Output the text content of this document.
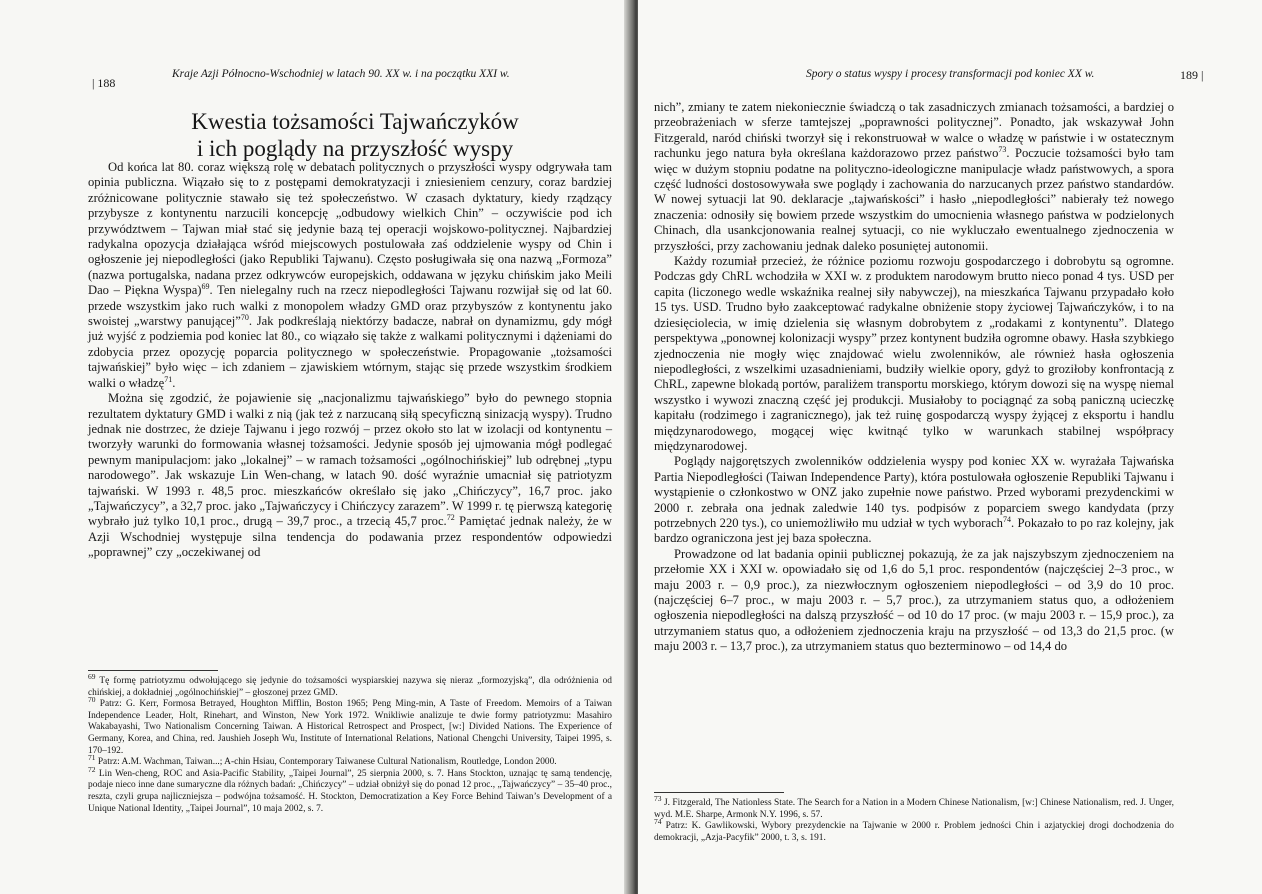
| 188
Kraje Azji Północno-Wschodniej w latach 90. XX w. i na początku XXI w.
Kwestia tożsamości Tajwańczyków
i ich poglądy na przyszłość wyspy

Od końca lat 80. coraz większą rolę w debatach politycznych o przyszłości wyspy odgrywała tam opinia publiczna. Wiązało się to z postępami demokratyzacji i zniesieniem cenzury, coraz bardziej zróżnicowane politycznie stawało się też społeczeństwo. W czasach dyktatury, kiedy rządzący przybysze z kontynentu narzucili koncepcję „odbudowy wielkich Chin” – oczywiście pod ich przywództwem – Tajwan miał stać się jedynie bazą tej operacji wojskowo-politycznej. Najbardziej radykalna opozycja działająca wśród miejscowych postulowała zaś oddzielenie wyspy od Chin i ogłoszenie jej niepodległości (jako Republiki Tajwanu). Często posługiwała się ona nazwą „Formoza” (nazwa portugalska, nadana przez odkrywców europejskich, oddawana w języku chińskim jako Meili Dao – Piękna Wyspa)$^{69}$. Ten nielegalny ruch na rzecz niepodległości Tajwanu rozwijał się od lat 60. przede wszystkim jako ruch walki z monopolem władzy GMD oraz przybyszów z kontynentu jako swoistej „warstwy panującej”$^{70}$. Jak podkreślają niektórzy badacze, nabrał on dynamizmu, gdy mógł już wyjść z podziemia pod koniec lat 80., co wiązało się także z walkami politycznymi i dążeniami do zdobycia przez opozycję poparcia politycznego w społeczeństwie. Propagowanie „tożsamości tajwańskiej” było więc – ich zdaniem – zjawiskiem wtórnym, stając się przede wszystkim środkiem walki o władzę$^{71}$.

Można się zgodzić, że pojawienie się „nacjonalizmu tajwańskiego” było do pewnego stopnia rezultatem dyktatury GMD i walki z nią (jak też z narzucaną siłą specyficzną sinizacją wyspy). Trudno jednak nie dostrzec, że dzieje Tajwanu i jego rozwój – przez około sto lat w izolacji od kontynentu – tworzyły warunki do formowania własnej tożsamości. Jedynie sposób jej ujmowania mógł podlegać pewnym manipulacjom: jako „lokalnej” – w ramach tożsamości „ogólnochińskiej” lub odrębnej „typu narodowego”. Jak wskazuje Lin Wen-chang, w latach 90. dość wyraźnie umacniał się patriotyzm tajwański. W 1993 r. 48,5 proc. mieszkańców określało się jako „Chińczycy”, 16,7 proc. jako „Tajwańczycy”, a 32,7 proc. jako „Tajwańczycy i Chińczycy zarazem”. W 1999 r. tę pierwszą kategorię wybrało już tylko 10,1 proc., drugą – 39,7 proc., a trzecią 45,7 proc.$^{72}$ Pamiętać jednak należy, że w Azji Wschodniej występuje silna tendencja do podawania przez respondentów odpowiedzi „poprawnej” czy „oczekiwanej od

$^{69}$ Tę formę patriotyzmu odwołującego się jedynie do tożsamości wyspiarskiej nazywa się nieraz „formozyjską”, dla odróżnienia od chińskiej, a dokładniej „ogólnochińskiej” – głoszonej przez GMD.

$^{70}$ Patrz: G. Kerr, Formosa Betrayed, Houghton Mifflin, Boston 1965; Peng Ming-min, A Taste of Freedom. Memoirs of a Taiwan Independence Leader, Holt, Rinehart, and Winston, New York 1972. Wnikliwie analizuje te dwie formy patriotyzmu: Masahiro Wakabayashi, Two Nationalism Concerning Taiwan. A Historical Retrospect and Prospect, [w:] Divided Nations. The Experience of Germany, Korea, and China, red. Jaushieh Joseph Wu, Institute of International Relations, National Chengchi University, Taipei 1995, s. 170–192.

$^{71}$ Patrz: A.M. Wachman, Taiwan...; A-chin Hsiau, Contemporary Taiwanese Cultural Nationalism, Routledge, London 2000.

$^{72}$ Lin Wen-cheng, ROC and Asia-Pacific Stability, „Taipei Journal”, 25 sierpnia 2000, s. 7. Hans Stockton, uznając tę samą tendencję, podaje nieco inne dane sumaryczne dla różnych badań: „Chińczycy” – udział obniżył się do ponad 12 proc., „Tajwańczycy” – 35–40 proc., reszta, czyli grupa najliczniejsza – podwójna tożsamość. H. Stockton, Democratization a Key Force Behind Taiwan’s Development of a Unique National Identity, „Taipei Journal”, 10 maja 2002, s. 7.

Spory o status wyspy i procesy transformacji pod koniec XX w.	189 |

nich”, zmiany te zatem niekoniecznie świadczą o tak zasadniczych zmianach tożsamości, a bardziej o przeobrażeniach w sferze tamtejszej „poprawności politycznej”. Ponadto, jak wskazywał John Fitzgerald, naród chiński tworzył się i rekonstruował w walce o władzę w państwie i w ostatecznym rachunku jego natura była określana każdorazowo przez państwo$^{73}$. Poczucie tożsamości było tam więc w dużym stopniu podatne na polityczno-ideologiczne manipulacje władz państwowych, a spora część ludności dostosowywała swe poglądy i zachowania do narzucanych przez państwo standardów. W nowej sytuacji lat 90. deklaracje „tajwańskości” i hasło „niepodległości” nabierały też nowego znaczenia: odnosiły się bowiem przede wszystkim do umocnienia własnego państwa w podzielonych Chinach, dla usankcjonowania realnej sytuacji, co nie wykluczało ewentualnego zjednoczenia w przyszłości, przy zachowaniu jednak daleko posuniętej autonomii.

Każdy rozumiał przecież, że różnice poziomu rozwoju gospodarczego i dobrobytu są ogromne. Podczas gdy ChRL wchodziła w XXI w. z produktem narodowym brutto nieco ponad 4 tys. USD per capita (liczonego wedle wskaźnika realnej siły nabywczej), na mieszkańca Tajwanu przypadało koło 15 tys. USD. Trudno było zaakceptować radykalne obniżenie stopy życiowej Tajwańczyków, i to na dziesięciolecia, w imię dzielenia się własnym dobrobytem z „rodakami z kontynentu”. Dlatego perspektywa „ponownej kolonizacji wyspy” przez kontynent budziła ogromne obawy. Hasła szybkiego zjednoczenia nie mogły więc znajdować wielu zwolenników, ale również hasła ogłoszenia niepodległości, z wszelkimi uzasadnieniami, budziły wielkie opory, gdyż to groziłoby konfrontacją z ChRL, zapewne blokadą portów, paraliżem transportu morskiego, którym dowozi się na wyspę niemal wszystko i wywozi znaczną część jej produkcji. Musiałoby to pociągnąć za sobą paniczną ucieczkę kapitału (rodzimego i zagranicznego), jak też ruinę gospodarczą wyspy żyjącej z eksportu i handlu międzynarodowego, mogącej więc kwitnąć tylko w warunkach stabilnej współpracy międzynarodowej.

Poglądy najgorętszych zwolenników oddzielenia wyspy pod koniec XX w. wyrażała Tajwańska Partia Niepodległości (Taiwan Independence Party), która postulowała ogłoszenie Republiki Tajwanu i wystąpienie o członkostwo w ONZ jako zupełnie nowe państwo. Przed wyborami prezydenckimi w 2000 r. zebrała ona jednak zaledwie 140 tys. podpisów z poparciem swego kandydata (przy potrzebnych 220 tys.), co uniemożliwiło mu udział w tych wyborach$^{74}$. Pokazało to po raz kolejny, jak bardzo ograniczona jest jej baza społeczna.

Prowadzone od lat badania opinii publicznej pokazują, że za jak najszybszym zjednoczeniem na przełomie XX i XXI w. opowiadało się od 1,6 do 5,1 proc. respondentów (najczęściej 2–3 proc., w maju 2003 r. – 0,9 proc.), za niezwłocznym ogłoszeniem niepodległości – od 3,9 do 10 proc. (najczęściej 6–7 proc., w maju 2003 r. – 5,7 proc.), za utrzymaniem status quo, a odłożeniem ogłoszenia niepodległości na dalszą przyszłość – od 10 do 17 proc. (w maju 2003 r. – 15,9 proc.), za utrzymaniem status quo, a odłożeniem zjednoczenia kraju na przyszłość – od 13,3 do 21,5 proc. (w maju 2003 r. – 13,7 proc.), za utrzymaniem status quo bezterminowo – od 14,4 do

$^{73}$ J. Fitzgerald, The Nationless State. The Search for a Nation in a Modern Chinese Nationalism, [w:] Chinese Nationalism, red. J. Unger, wyd. M.E. Sharpe, Armonk N.Y. 1996, s. 57.

$^{74}$ Patrz: K. Gawlikowski, Wybory prezydenckie na Tajwanie w 2000 r. Problem jedności Chin i azjatyckiej drogi dochodzenia do demokracji, „Azja-Pacyfik” 2000, t. 3, s. 191.
